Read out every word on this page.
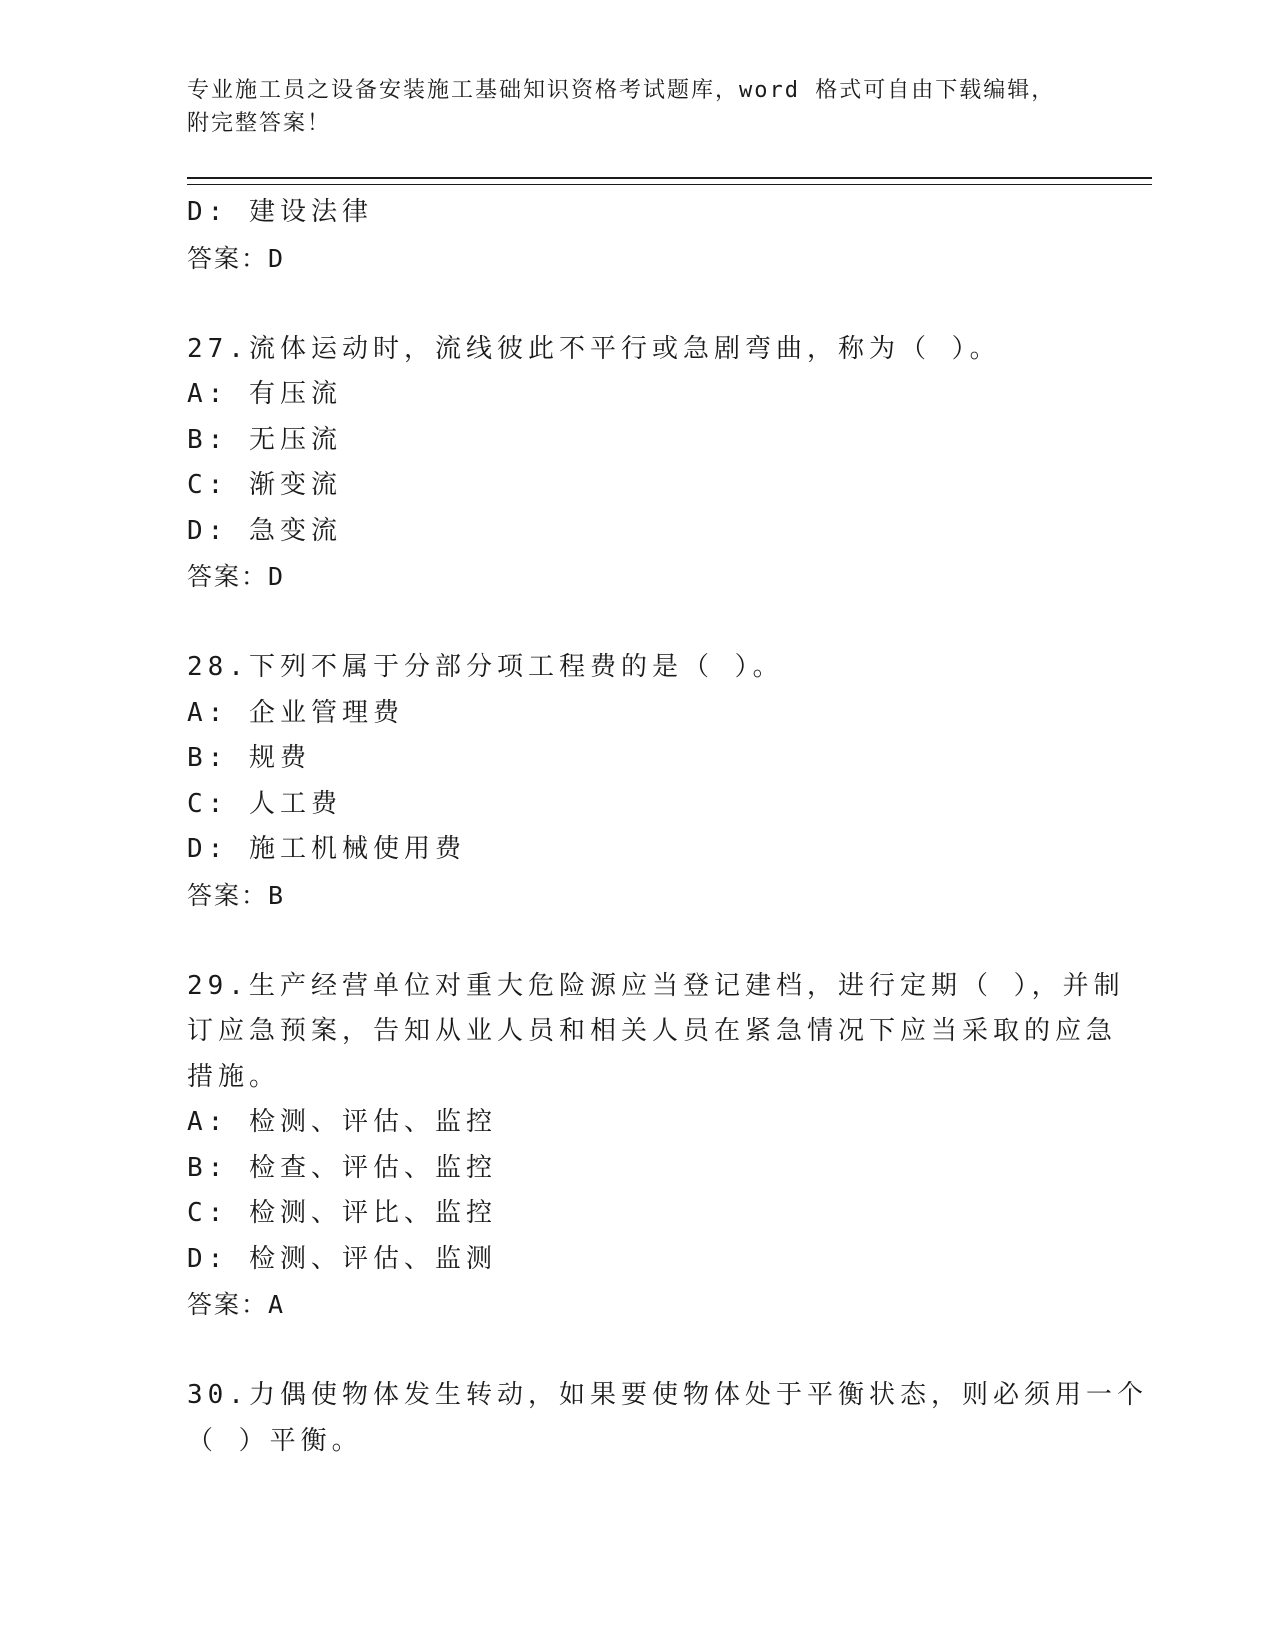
专业施工员之设备安装施工基础知识资格考试题库，word 格式可自由下载编辑，
附完整答案！
D: 建设法律
答案：D
27.流体运动时，流线彼此不平行或急剧弯曲，称为（ ）。
A: 有压流
B: 无压流
C: 渐变流
D: 急变流
答案：D
28.下列不属于分部分项工程费的是（ ）。
A: 企业管理费
B: 规费
C: 人工费
D: 施工机械使用费
答案：B
29.生产经营单位对重大危险源应当登记建档，进行定期（ ），并制
订应急预案，告知从业人员和相关人员在紧急情况下应当采取的应急
措施。
A: 检测、评估、监控
B: 检查、评估、监控
C: 检测、评比、监控
D: 检测、评估、监测
答案：A
30.力偶使物体发生转动，如果要使物体处于平衡状态，则必须用一个
（ ）平衡。
